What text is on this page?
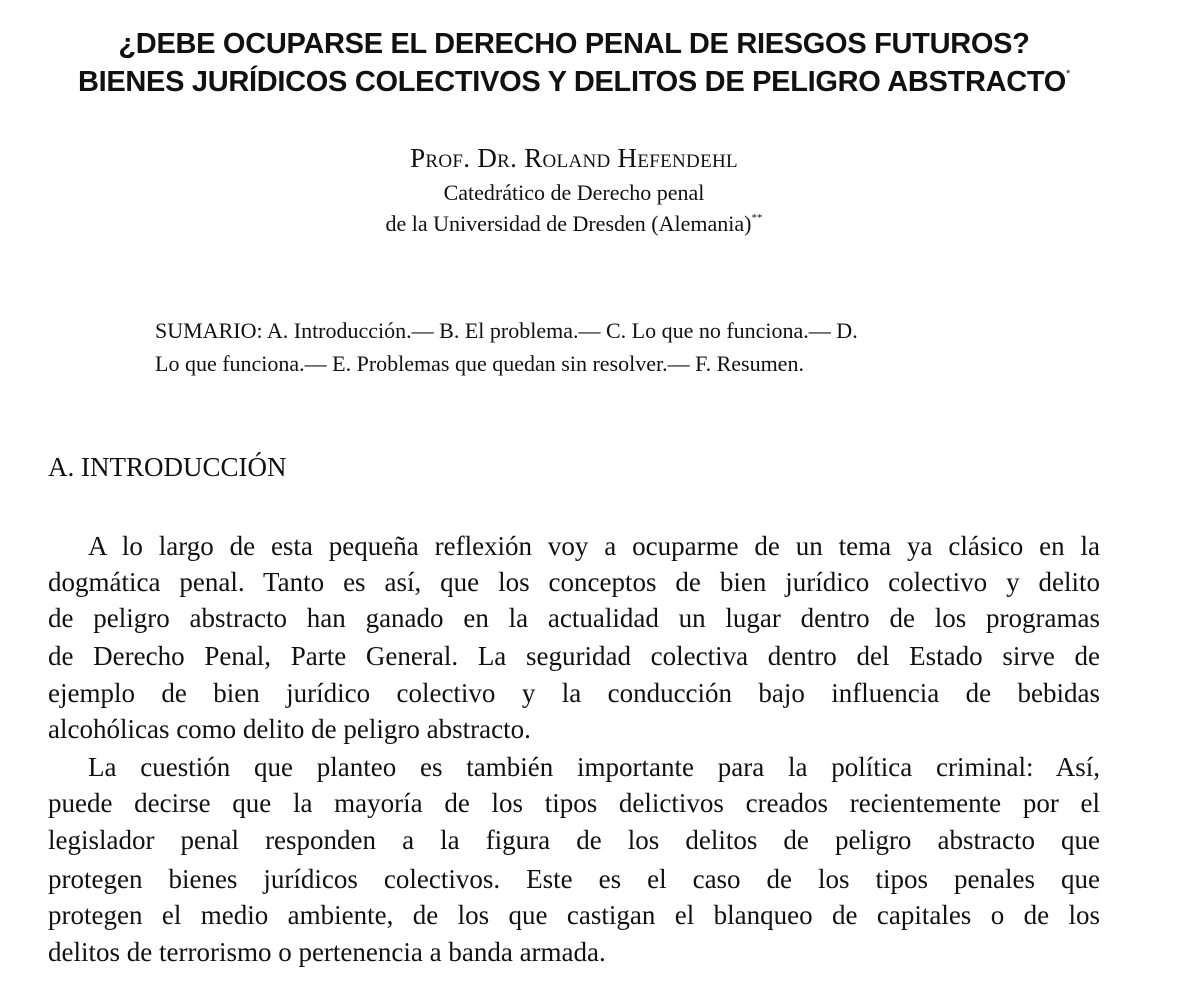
¿DEBE OCUPARSE EL DERECHO PENAL DE RIESGOS FUTUROS?
BIENES JURÍDICOS COLECTIVOS Y DELITOS DE PELIGRO ABSTRACTO*
Prof. Dr. Roland Hefendehl
Catedrático de Derecho penal
de la Universidad de Dresden (Alemania)**
SUMARIO: A. Introducción.— B. El problema.— C. Lo que no funciona.— D.
Lo que funciona.— E. Problemas que quedan sin resolver.— F. Resumen.
A. INTRODUCCIÓN
A lo largo de esta pequeña reflexión voy a ocuparme de un tema ya clásico en la
dogmática penal. Tanto es así, que los conceptos de bien jurídico colectivo y delito
de peligro abstracto han ganado en la actualidad un lugar dentro de los programas
de Derecho Penal, Parte General. La seguridad colectiva dentro del Estado sirve de
ejemplo de bien jurídico colectivo y la conducción bajo influencia de bebidas
alcohólicas como delito de peligro abstracto.
La cuestión que planteo es también importante para la política criminal: Así,
puede decirse que la mayoría de los tipos delictivos creados recientemente por el
legislador penal responden a la figura de los delitos de peligro abstracto que
protegen bienes jurídicos colectivos. Este es el caso de los tipos penales que
protegen el medio ambiente, de los que castigan el blanqueo de capitales o de los
delitos de terrorismo o pertenencia a banda armada.
